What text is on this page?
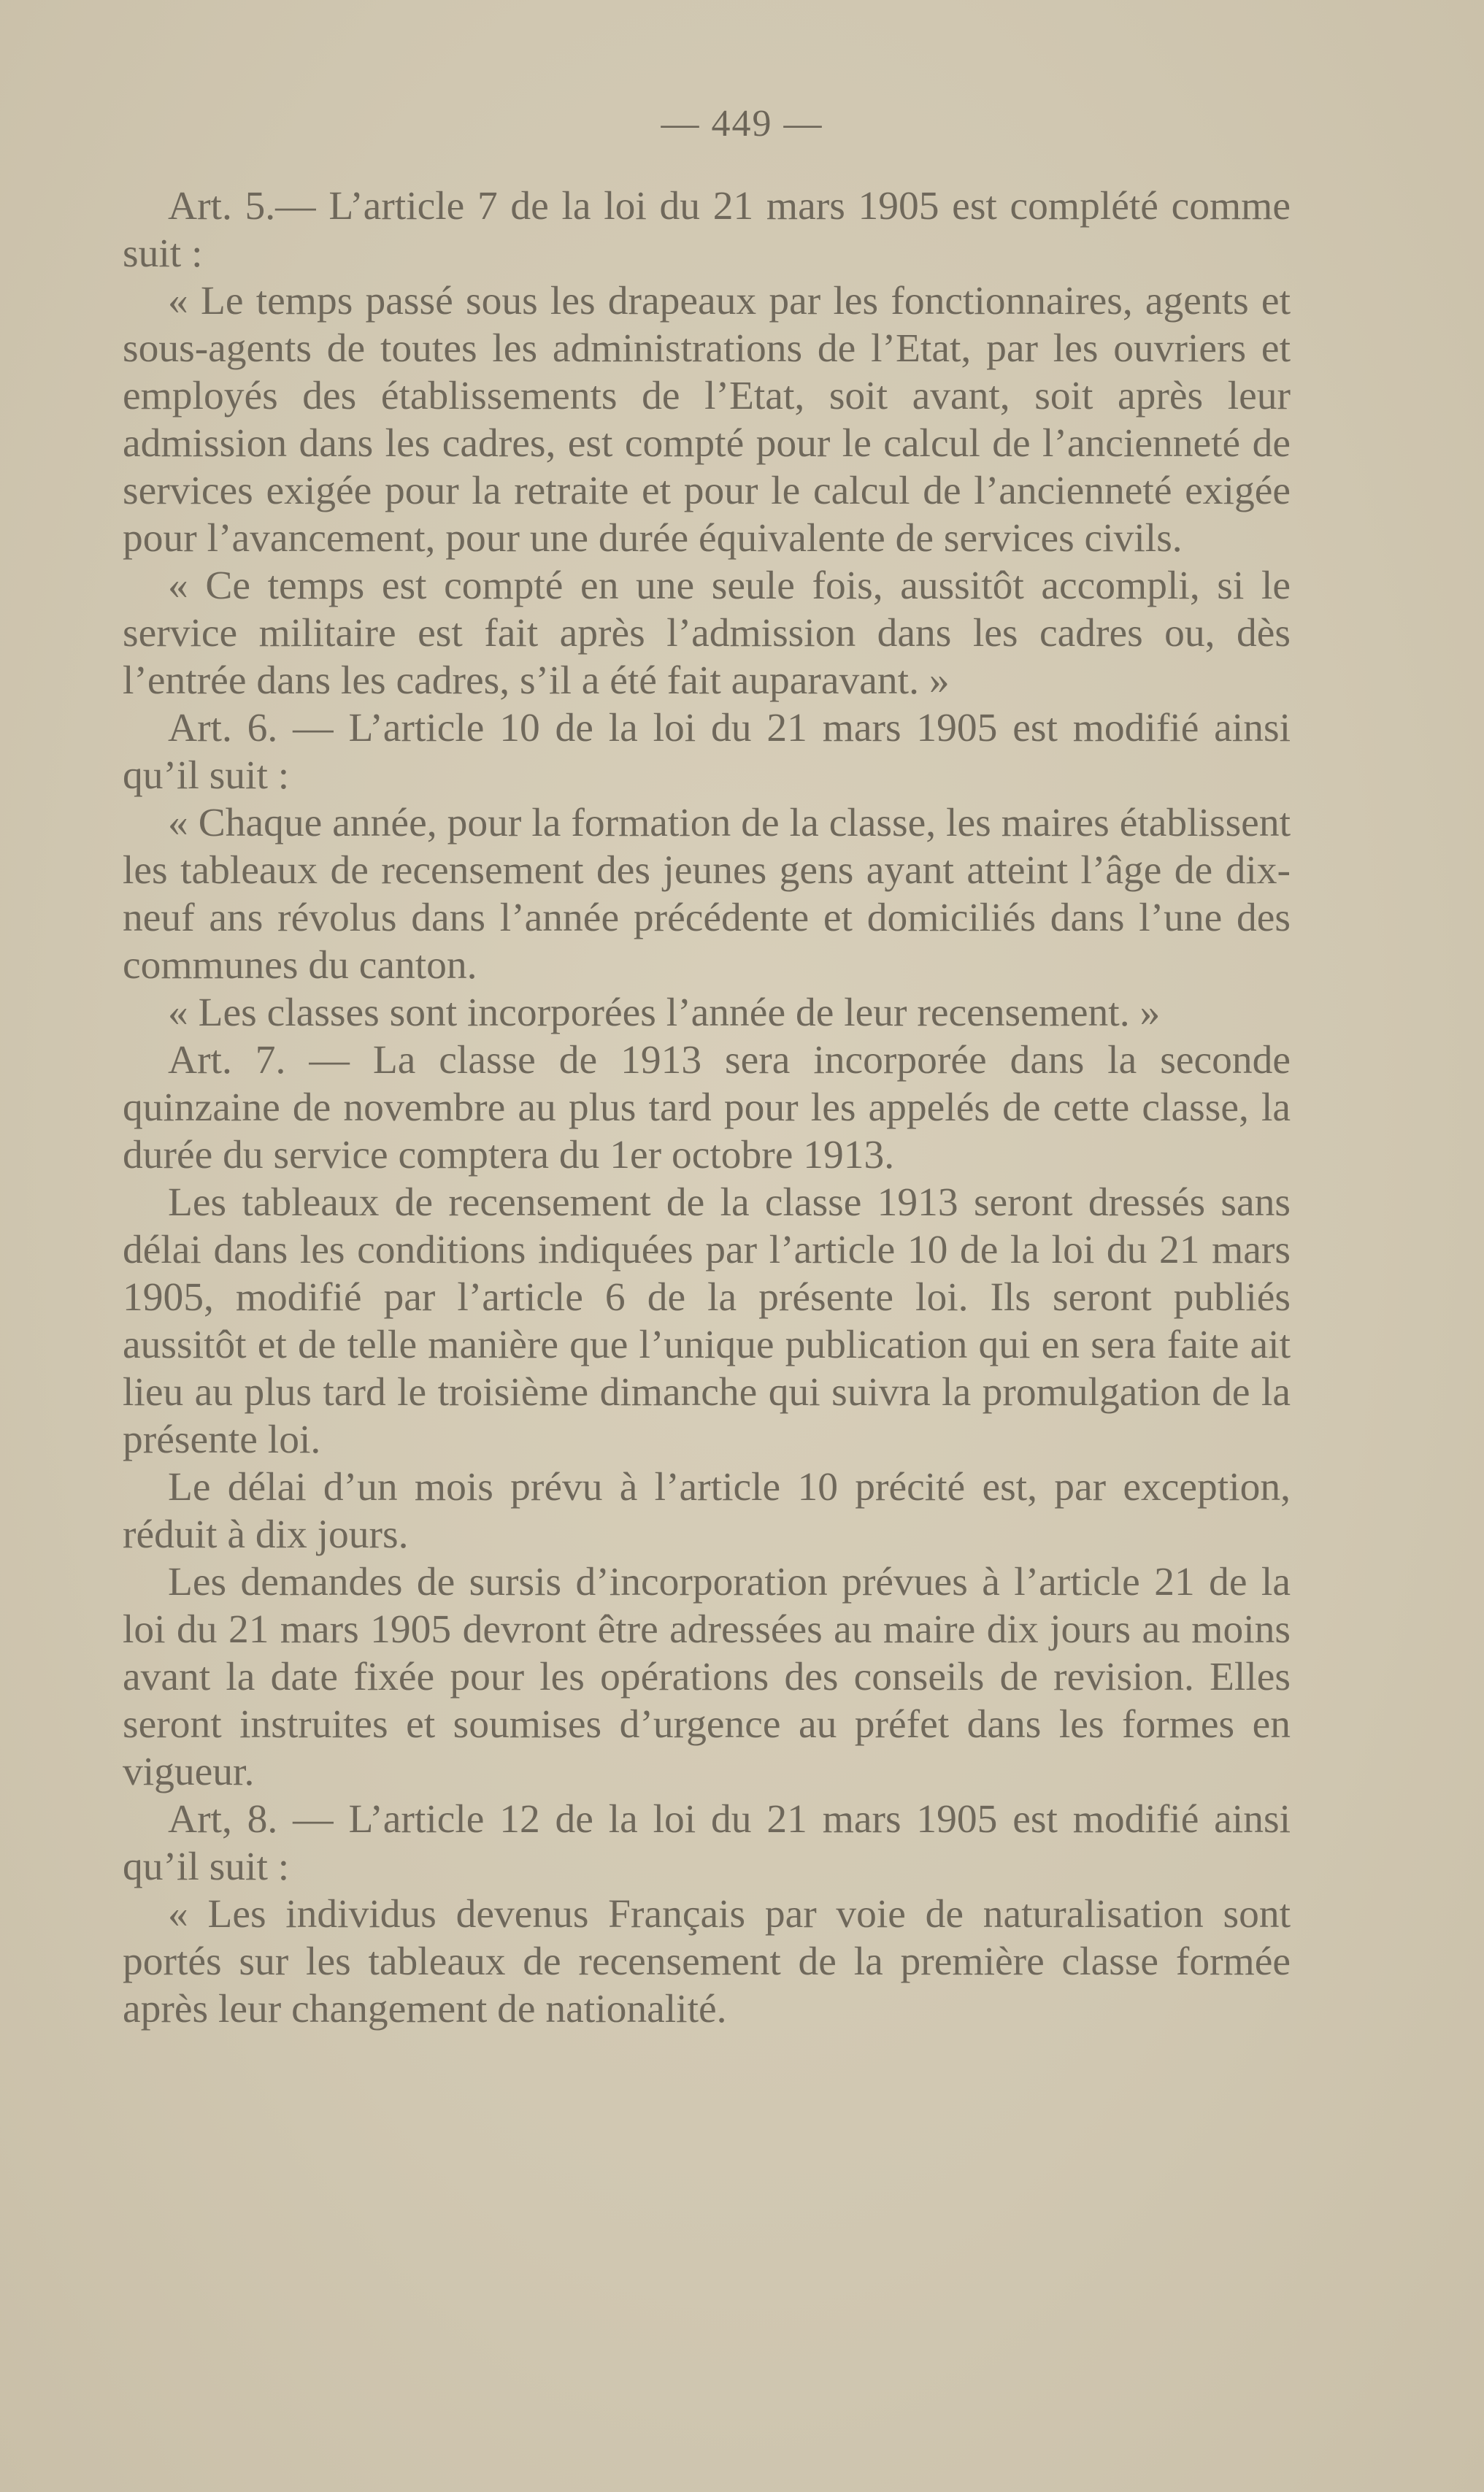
— 449 —

Art. 5.— L’article 7 de la loi du 21 mars 1905 est complété comme suit :

« Le temps passé sous les drapeaux par les fonctionnaires, agents et sous-agents de toutes les administrations de l’Etat, par les ouvriers et employés des établissements de l’Etat, soit avant, soit après leur admission dans les cadres, est compté pour le calcul de l’ancienneté de services exigée pour la retraite et pour le calcul de l’ancienneté exigée pour l’avancement, pour une durée équivalente de services civils.

« Ce temps est compté en une seule fois, aussitôt accompli, si le service militaire est fait après l’admission dans les cadres ou, dès l’entrée dans les cadres, s’il a été fait auparavant. »

Art. 6. — L’article 10 de la loi du 21 mars 1905 est modifié ainsi qu’il suit :

« Chaque année, pour la formation de la classe, les maires établissent les tableaux de recensement des jeunes gens ayant atteint l’âge de dix-neuf ans révolus dans l’année précédente et domiciliés dans l’une des communes du canton.

« Les classes sont incorporées l’année de leur recensement. »

Art. 7. — La classe de 1913 sera incorporée dans la seconde quinzaine de novembre au plus tard pour les appelés de cette classe, la durée du service comptera du 1er octobre 1913.

Les tableaux de recensement de la classe 1913 seront dressés sans délai dans les conditions indiquées par l’article 10 de la loi du 21 mars 1905, modifié par l’article 6 de la présente loi. Ils seront publiés aussitôt et de telle manière que l’unique publication qui en sera faite ait lieu au plus tard le troisième dimanche qui suivra la promulgation de la présente loi.

Le délai d’un mois prévu à l’article 10 précité est, par exception, réduit à dix jours.

Les demandes de sursis d’incorporation prévues à l’article 21 de la loi du 21 mars 1905 devront être adressées au maire dix jours au moins avant la date fixée pour les opérations des conseils de revision. Elles seront instruites et soumises d’urgence au préfet dans les formes en vigueur.

Art, 8. — L’article 12 de la loi du 21 mars 1905 est modifié ainsi qu’il suit :

« Les individus devenus Français par voie de naturalisation sont portés sur les tableaux de recensement de la première classe formée après leur changement de nationalité.
